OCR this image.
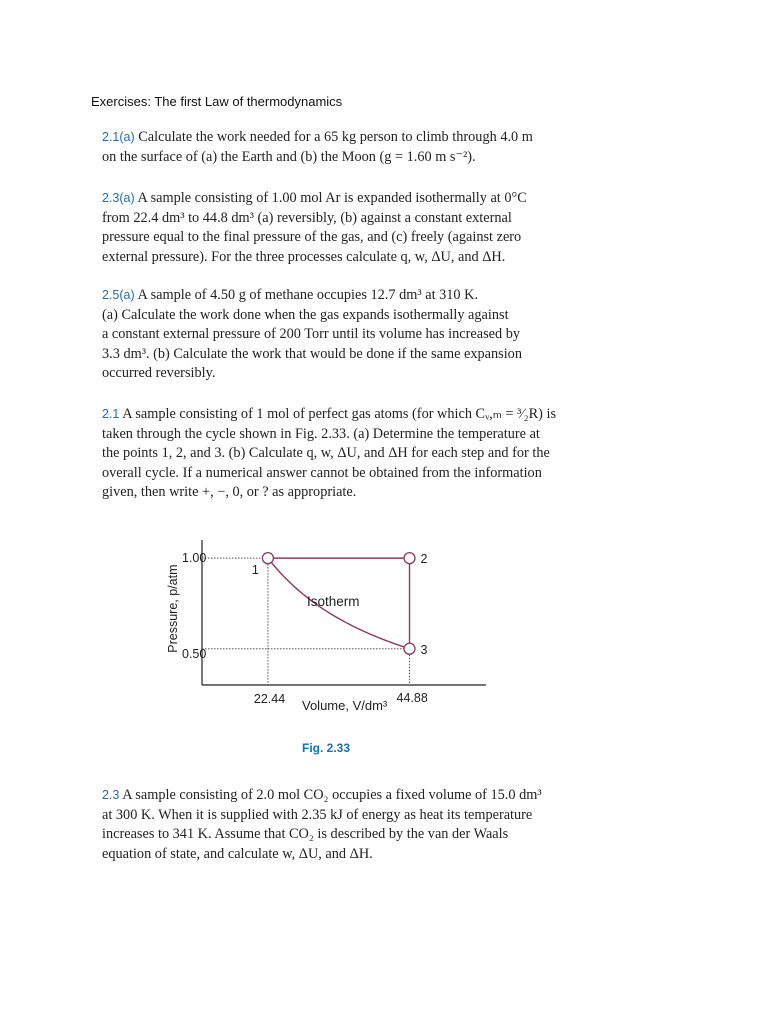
Exercises: The first Law of thermodynamics
2.1(a) Calculate the work needed for a 65 kg person to climb through 4.0 m
on the surface of (a) the Earth and (b) the Moon (g = 1.60 m s⁻²).
2.3(a) A sample consisting of 1.00 mol Ar is expanded isothermally at 0°C
from 22.4 dm³ to 44.8 dm³ (a) reversibly, (b) against a constant external
pressure equal to the final pressure of the gas, and (c) freely (against zero
external pressure). For the three processes calculate q, w, ΔU, and ΔH.
2.5(a) A sample of 4.50 g of methane occupies 12.7 dm³ at 310 K.
(a) Calculate the work done when the gas expands isothermally against
a constant external pressure of 200 Torr until its volume has increased by
3.3 dm³. (b) Calculate the work that would be done if the same expansion
occurred reversibly.
2.1 A sample consisting of 1 mol of perfect gas atoms (for which Cᵥ,ₘ = ³⁄₂R) is
taken through the cycle shown in Fig. 2.33. (a) Determine the temperature at
the points 1, 2, and 3. (b) Calculate q, w, ΔU, and ΔH for each step and for the
overall cycle. If a numerical answer cannot be obtained from the information
given, then write +, −, 0, or ? as appropriate.
1
2
3
1.00
0.50
22.44	44.88
Volume, V/dm³
Pressure, p/atm	Isotherm
Fig. 2.33
2.3 A sample consisting of 2.0 mol CO₂ occupies a fixed volume of 15.0 dm³
at 300 K. When it is supplied with 2.35 kJ of energy as heat its temperature
increases to 341 K. Assume that CO₂ is described by the van der Waals
equation of state, and calculate w, ΔU, and ΔH.
